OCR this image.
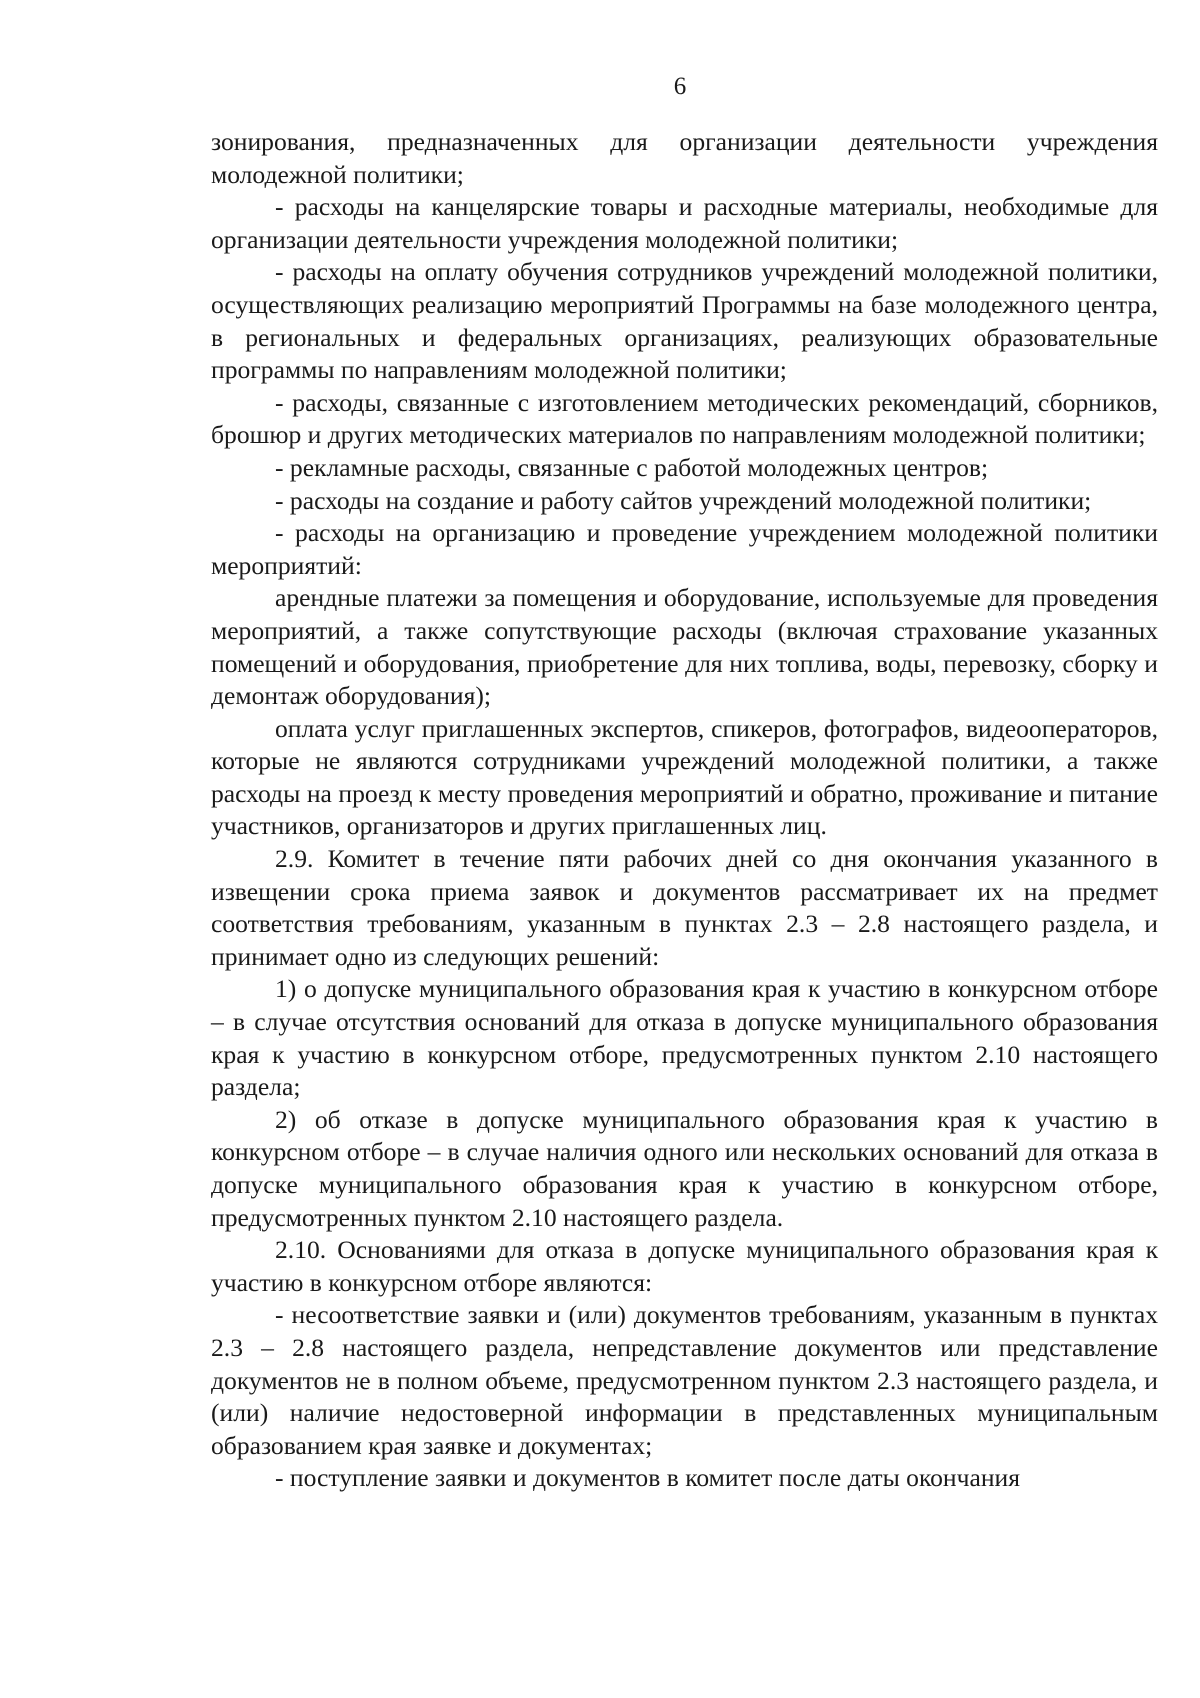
6

зонирования, предназначенных для организации деятельности учреждения молодежной политики;

- расходы на канцелярские товары и расходные материалы, необходимые для организации деятельности учреждения молодежной политики;

- расходы на оплату обучения сотрудников учреждений молодежной политики, осуществляющих реализацию мероприятий Программы на базе молодежного центра, в региональных и федеральных организациях, реализующих образовательные программы по направлениям молодежной политики;

- расходы, связанные с изготовлением методических рекомендаций, сборников, брошюр и других методических материалов по направлениям молодежной политики;

- рекламные расходы, связанные с работой молодежных центров;

- расходы на создание и работу сайтов учреждений молодежной политики;

- расходы на организацию и проведение учреждением молодежной политики мероприятий:

арендные платежи за помещения и оборудование, используемые для проведения мероприятий, а также сопутствующие расходы (включая страхование указанных помещений и оборудования, приобретение для них топлива, воды, перевозку, сборку и демонтаж оборудования);

оплата услуг приглашенных экспертов, спикеров, фотографов, видеооператоров, которые не являются сотрудниками учреждений молодежной политики, а также расходы на проезд к месту проведения мероприятий и обратно, проживание и питание участников, организаторов и других приглашенных лиц.

2.9. Комитет в течение пяти рабочих дней со дня окончания указанного в извещении срока приема заявок и документов рассматривает их на предмет соответствия требованиям, указанным в пунктах 2.3 – 2.8 настоящего раздела, и принимает одно из следующих решений:

1) о допуске муниципального образования края к участию в конкурсном отборе – в случае отсутствия оснований для отказа в допуске муниципального образования края к участию в конкурсном отборе, предусмотренных пунктом 2.10 настоящего раздела;

2) об отказе в допуске муниципального образования края к участию в конкурсном отборе – в случае наличия одного или нескольких оснований для отказа в допуске муниципального образования края к участию в конкурсном отборе, предусмотренных пунктом 2.10 настоящего раздела.

2.10. Основаниями для отказа в допуске муниципального образования края к участию в конкурсном отборе являются:

- несоответствие заявки и (или) документов требованиям, указанным в пунктах 2.3 – 2.8 настоящего раздела, непредставление документов или представление документов не в полном объеме, предусмотренном пунктом 2.3 настоящего раздела, и (или) наличие недостоверной информации в представленных муниципальным образованием края заявке и документах;

- поступление заявки и документов в комитет после даты окончания
